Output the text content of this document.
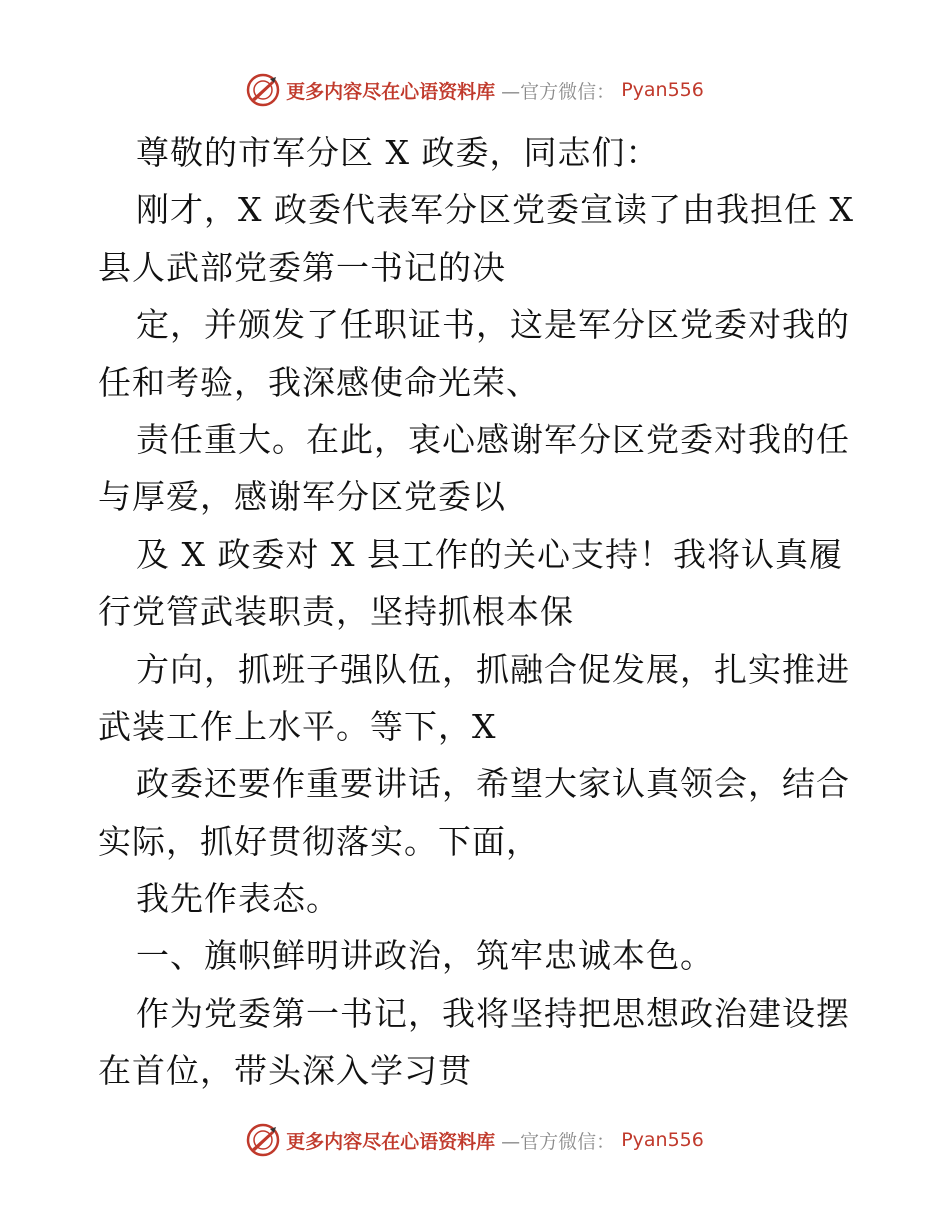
更多内容尽在心语资料库 —官方微信： Pyan556
尊敬的市军分区 X 政委，同志们：
刚才，X 政委代表军分区党委宣读了由我担任 X
县人武部党委第一书记的决
定，并颁发了任职证书，这是军分区党委对我的
任和考验，我深感使命光荣、
责任重大。在此，衷心感谢军分区党委对我的任
与厚爱，感谢军分区党委以
及 X 政委对 X 县工作的关心支持！我将认真履
行党管武装职责，坚持抓根本保
方向，抓班子强队伍，抓融合促发展，扎实推进
武装工作上水平。等下，X
政委还要作重要讲话，希望大家认真领会，结合
实际，抓好贯彻落实。下面，
我先作表态。
一、旗帜鲜明讲政治，筑牢忠诚本色。
作为党委第一书记，我将坚持把思想政治建设摆
在首位，带头深入学习贯
更多内容尽在心语资料库 —官方微信： Pyan556
